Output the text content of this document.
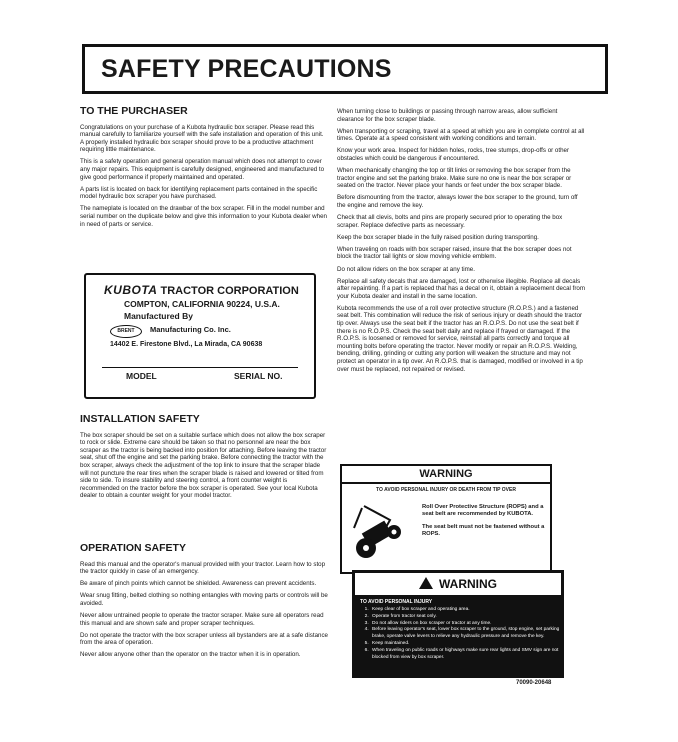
SAFETY PRECAUTIONS
TO THE PURCHASER

Congratulations on your purchase of a Kubota hydraulic box scraper. Please read this manual carefully to familiarize yourself with the safe installation and operation of this unit. A properly installed hydraulic box scraper should prove to be a productive attachment requiring little maintenance.

This is a safety operation and general operation manual which does not attempt to cover any major repairs. This equipment is carefully designed, engineered and manufactured to give good performance if properly maintained and operated.

A parts list is located on back for identifying replacement parts contained in the specific model hydraulic box scraper you have purchased.

The nameplate is located on the drawbar of the box scraper. Fill in the model number and serial number on the duplicate below and give this information to your Kubota dealer when in need of parts or service.

KUBOTA TRACTOR CORPORATION
COMPTON, CALIFORNIA 90224, U.S.A.
Manufactured By
BRENT	Manufacturing Co. Inc.
14402 E. Firestone Blvd., La Mirada, CA 90638
MODEL	SERIAL NO.
INSTALLATION SAFETY

The box scraper should be set on a suitable surface which does not allow the box scraper to rock or slide. Extreme care should be taken so that no personnel are near the box scraper as the tractor is being backed into position for attaching. Before leaving the tractor seat, shut off the engine and set the parking brake. Before connecting the tractor with the box scraper, always check the adjustment of the top link to insure that the scraper blade will not puncture the rear tires when the scraper blade is raised and lowered or tilted from side to side. To insure stability and steering control, a front counter weight is recommended on the tractor before the box scraper is operated. See your local Kubota dealer to obtain a counter weight for your model tractor.

OPERATION SAFETY

Read this manual and the operator's manual provided with your tractor. Learn how to stop the tractor quickly in case of an emergency.

Be aware of pinch points which cannot be shielded. Awareness can prevent accidents.

Wear snug fitting, belted clothing so nothing entangles with moving parts or controls will be avoided.

Never allow untrained people to operate the tractor scraper. Make sure all operators read this manual and are shown safe and proper scraper techniques.

Do not operate the tractor with the box scraper unless all bystanders are at a safe distance from the area of operation.

Never allow anyone other than the operator on the tractor when it is in operation.

When turning close to buildings or passing through narrow areas, allow sufficient clearance for the box scraper blade.

When transporting or scraping, travel at a speed at which you are in complete control at all times. Operate at a speed consistent with working conditions and terrain.

Know your work area. Inspect for hidden holes, rocks, tree stumps, drop-offs or other obstacles which could be dangerous if encountered.

When mechanically changing the top or tilt links or removing the box scraper from the tractor engine and set the parking brake. Make sure no one is near the box scraper or seated on the tractor. Never place your hands or feet under the box scraper blade.

Before dismounting from the tractor, always lower the box scraper to the ground, turn off the engine and remove the key.

Check that all clevis, bolts and pins are properly secured prior to operating the box scraper. Replace defective parts as necessary.

Keep the box scraper blade in the fully raised position during transporting.

When traveling on roads with box scraper raised, insure that the box scraper does not block the tractor tail lights or slow moving vehicle emblem.

Do not allow riders on the box scraper at any time.

Replace all safety decals that are damaged, lost or otherwise illegible. Replace all decals after repainting. If a part is replaced that has a decal on it, obtain a replacement decal from your Kubota dealer and install in the same location.

Kubota recommends the use of a roll over protective structure (R.O.P.S.) and a fastened seat belt. This combination will reduce the risk of serious injury or death should the tractor tip over. Always use the seat belt if the tractor has an R.O.P.S. Do not use the seat belt if there is no R.O.P.S. Check the seat belt daily and replace if frayed or damaged. If the R.O.P.S. is loosened or removed for service, reinstall all parts correctly and torque all mounting bolts before operating the tractor. Never modify or repair an R.O.P.S. Welding, bending, drilling, grinding or cutting any portion will weaken the structure and may not protect an operator in a tip over. An R.O.P.S. that is damaged, modified or involved in a tip over must be replaced, not repaired or revised.

WARNING
TO AVOID PERSONAL INJURY OR DEATH FROM TIP OVER

Roll Over Protective Structure (ROPS) and a seat belt are recommended by KUBOTA.

The seat belt must not be fastened without a ROPS.

WARNING
TO AVOID PERSONAL INJURY
1. Keep clear of box scraper and operating area.
2. Operate from tractor seat only.
3. Do not allow riders on box scraper or tractor at any time.
4. Before leaving operator's seat, lower box scraper to the ground, stop engine, set parking brake, operate valve levers to relieve any hydraulic pressure and remove the key.
5. Keep maintained.
6. When traveling on public roads or highways make sure rear lights and SMV sign are not blocked from view by box scraper.
70090-20648
